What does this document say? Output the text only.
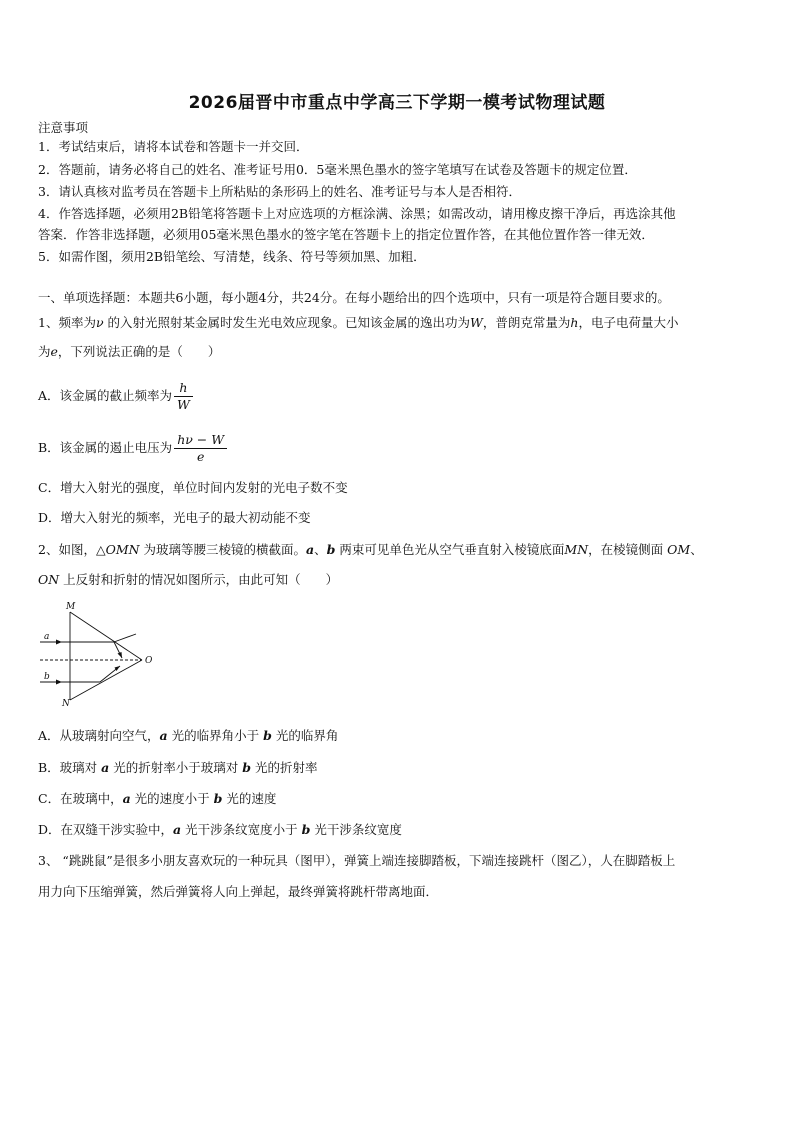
2026届晋中市重点中学高三下学期一模考试物理试题
注意事项
1．考试结束后，请将本试卷和答题卡一并交回．
2．答题前，请务必将自己的姓名、准考证号用0．5毫米黑色墨水的签字笔填写在试卷及答题卡的规定位置．
3．请认真核对监考员在答题卡上所粘贴的条形码上的姓名、准考证号与本人是否相符．
4．作答选择题，必须用2B铅笔将答题卡上对应选项的方框涂满、涂黑；如需改动，请用橡皮擦干净后，再选涂其他
答案．作答非选择题，必须用05毫米黑色墨水的签字笔在答题卡上的指定位置作答，在其他位置作答一律无效．
5．如需作图，须用2B铅笔绘、写清楚，线条、符号等须加黑、加粗．
一、单项选择题：本题共6小题，每小题4分，共24分。在每小题给出的四个选项中，只有一项是符合题目要求的。
1、频率为ν 的入射光照射某金属时发生光电效应现象。已知该金属的逸出功为W，普朗克常量为h，电子电荷量大小
为e，下列说法正确的是（　　）
A．该金属的截止频率为 $\frac{h}{W}$
B．该金属的遏止电压为 $\frac{h\nu - W}{e}$
C．增大入射光的强度，单位时间内发射的光电子数不变
D．增大入射光的频率，光电子的最大初动能不变
2、如图，△OMN 为玻璃等腰三棱镜的横截面。a、b 两束可见单色光从空气垂直射入棱镜底面MN，在棱镜侧面 OM、
ON 上反射和折射的情况如图所示，由此可知（　　）
M
N
O
a
b
A．从玻璃射向空气，a 光的临界角小于 b 光的临界角
B．玻璃对 a 光的折射率小于玻璃对 b 光的折射率
C．在玻璃中，a 光的速度小于 b 光的速度
D．在双缝干涉实验中，a 光干涉条纹宽度小于 b 光干涉条纹宽度
3、 “跳跳鼠”是很多小朋友喜欢玩的一种玩具（图甲），弹簧上端连接脚踏板，下端连接跳杆（图乙），人在脚踏板上
用力向下压缩弹簧，然后弹簧将人向上弹起，最终弹簧将跳杆带离地面．
